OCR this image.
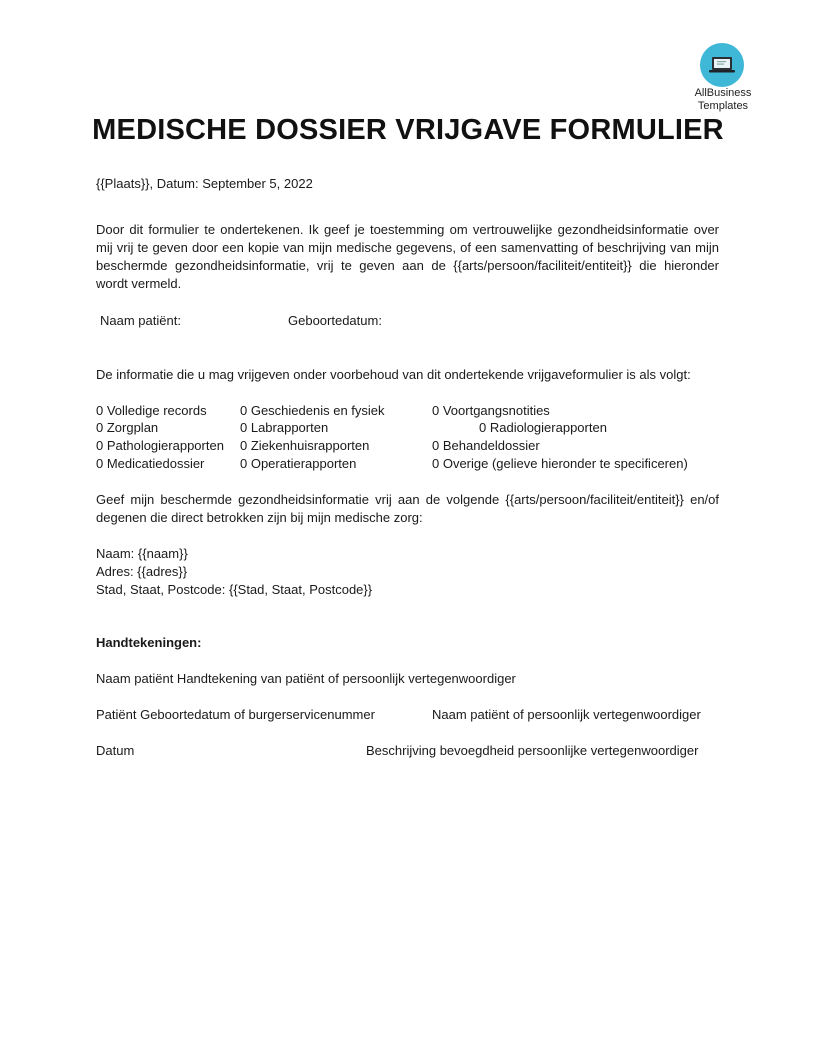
AllBusiness
Templates
MEDISCHE DOSSIER VRIJGAVE FORMULIER
{{Plaats}}, Datum: September 5, 2022
Door dit formulier te ondertekenen. Ik geef je toestemming om vertrouwelijke gezondheidsinformatie over mij vrij te geven door een kopie van mijn medische gegevens, of een samenvatting of beschrijving van mijn beschermde gezondheidsinformatie, vrij te geven aan de {{arts/persoon/faciliteit/entiteit}} die hieronder wordt vermeld.
Naam patiënt:	Geboortedatum:
De informatie die u mag vrijgeven onder voorbehoud van dit ondertekende vrijgaveformulier is als volgt:
0 Volledige records	0 Geschiedenis en fysiek	0 Voortgangsnotities
0 Zorgplan	0 Labrapporten	0 Radiologierapporten
0 Pathologierapporten 0 Ziekenhuisrapporten	0 Behandeldossier
0 Medicatiedossier	0 Operatierapporten	0 Overige (gelieve hieronder te specificeren)
Geef mijn beschermde gezondheidsinformatie vrij aan de volgende {{arts/persoon/faciliteit/entiteit}} en/of degenen die direct betrokken zijn bij mijn medische zorg:
Naam: {{naam}}
Adres: {{adres}}
Stad, Staat, Postcode: {{Stad, Staat, Postcode}}
Handtekeningen:
Naam patiënt Handtekening van patiënt of persoonlijk vertegenwoordiger
Patiënt Geboortedatum of burgerservicenummer	Naam patiënt of persoonlijk vertegenwoordiger
Datum	Beschrijving bevoegdheid persoonlijke vertegenwoordiger
